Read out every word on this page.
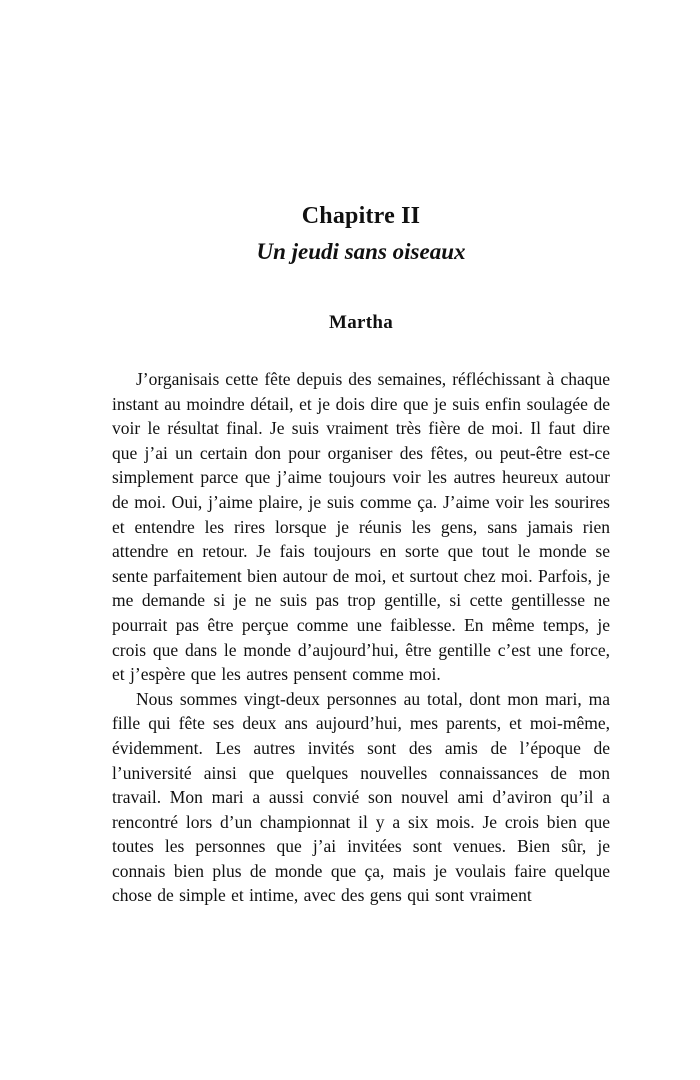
Chapitre II
Un jeudi sans oiseaux
Martha

J’organisais cette fête depuis des semaines, réfléchissant à chaque instant au moindre détail, et je dois dire que je suis enfin soulagée de voir le résultat final. Je suis vraiment très fière de moi. Il faut dire que j’ai un certain don pour organiser des fêtes, ou peut-être est-ce simplement parce que j’aime toujours voir les autres heureux autour de moi. Oui, j’aime plaire, je suis comme ça. J’aime voir les sourires et entendre les rires lorsque je réunis les gens, sans jamais rien attendre en retour. Je fais toujours en sorte que tout le monde se sente parfaitement bien autour de moi, et surtout chez moi. Parfois, je me demande si je ne suis pas trop gentille, si cette gentillesse ne pourrait pas être perçue comme une faiblesse. En même temps, je crois que dans le monde d’aujourd’hui, être gentille c’est une force, et j’espère que les autres pensent comme moi.

Nous sommes vingt-deux personnes au total, dont mon mari, ma fille qui fête ses deux ans aujourd’hui, mes parents, et moi-même, évidemment. Les autres invités sont des amis de l’époque de l’université ainsi que quelques nouvelles connaissances de mon travail. Mon mari a aussi convié son nouvel ami d’aviron qu’il a rencontré lors d’un championnat il y a six mois. Je crois bien que toutes les personnes que j’ai invitées sont venues. Bien sûr, je connais bien plus de monde que ça, mais je voulais faire quelque chose de simple et intime, avec des gens qui sont vraiment
